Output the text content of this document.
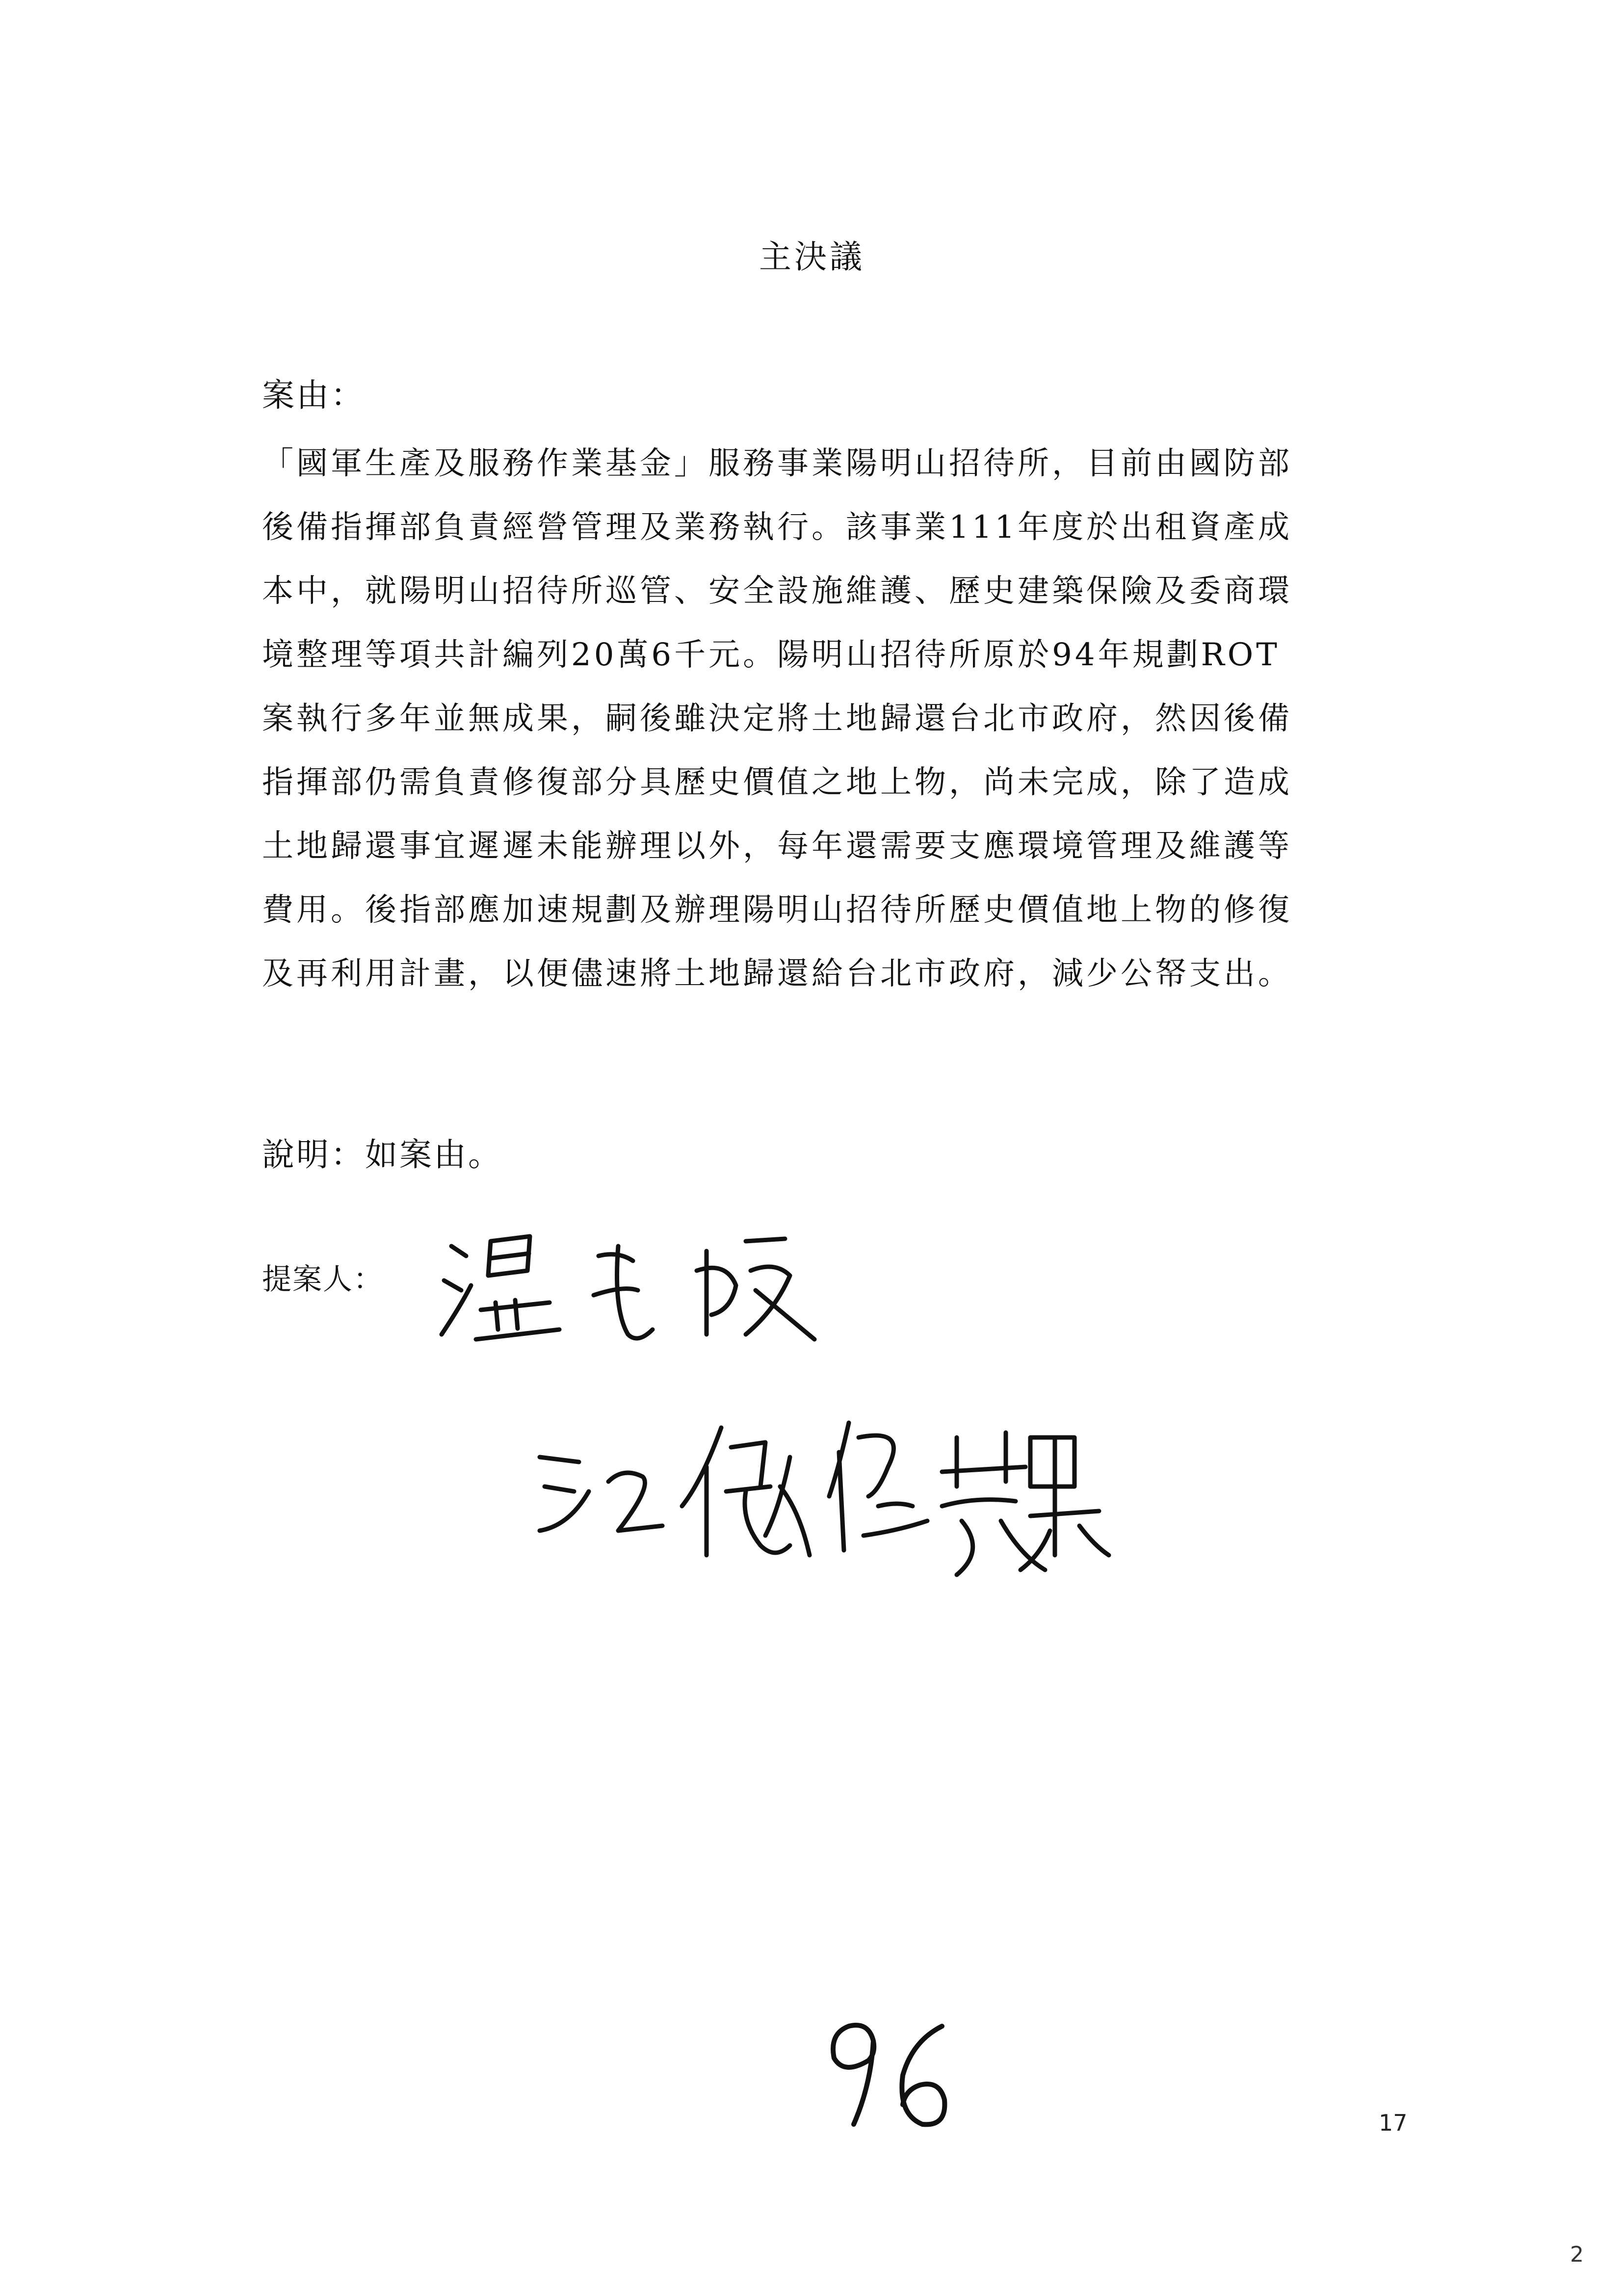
主決議
案由：
「國軍生產及服務作業基金」服務事業陽明山招待所，目前由國防部
後備指揮部負責經營管理及業務執行。該事業111年度於出租資產成
本中，就陽明山招待所巡管、安全設施維護、歷史建築保險及委商環
境整理等項共計編列20萬6千元。陽明山招待所原於94年規劃ROT
案執行多年並無成果，嗣後雖決定將土地歸還台北市政府，然因後備
指揮部仍需負責修復部分具歷史價值之地上物，尚未完成，除了造成
土地歸還事宜遲遲未能辦理以外，每年還需要支應環境管理及維護等
費用。後指部應加速規劃及辦理陽明山招待所歷史價值地上物的修復
及再利用計畫，以便儘速將土地歸還給台北市政府，減少公帑支出。
說明：如案由。
提案人：
17
2
